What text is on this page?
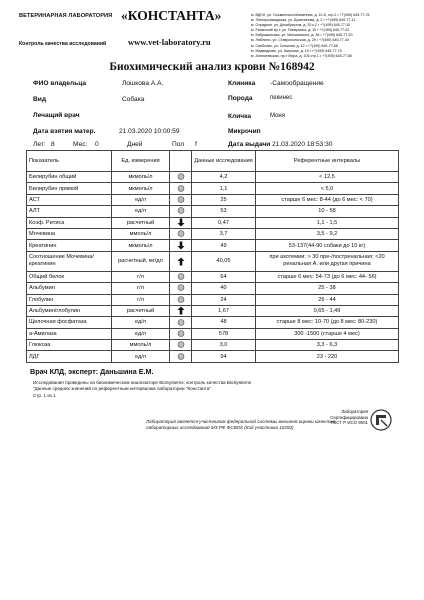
ВЕТЕРИНАРНАЯ ЛАБОРАТОРИЯ «КОНСТАНТА»
Контроль качества исследований	www.vet-laboratory.ru
м. ВДНХ, ул. Ольминского/Изменная, д. 10 А, стр.2 • +7(495) 645-77-76
м. Электрозаводская, ул. Буженинова, д. 2 • +7(495) 645-77-11
м. Отрадное, ул. Декабристов, д. 20 к.2 • +7(495) 645-77-30
м. Рязанский пр-т, ул. Паперника, д. 10 • +7(495) 645-77-02
м. Бабушкинская, ул. Менжинского, д. 36 • +7(495) 645-77-20
м. Люблино, ул. Ставропольская, д. 29 • +7(495) 645-77-40
м. Свиблово, ул. Снежная, д. 12 • +7(495) 645-77-66
м. Медведково, ул. Широкая, д. 15 • +7(495) 645-77-70
м. Алексеевская, пр-т Мира, д. 105 стр.1 • +7(495) 645-77-80
Биохимический анализ крови №168942
ФИО владельца	Лошкова А.А.	Клиника -Самообращение
Вид	Собака	Порода	пекинес
Лечащий врач	Кличка	Моня
Дата взятия матер.	21.03.2020 10:00:59	Микрочип
Лет: 8	Мес: 0	Дней	Пол f	Дата выдачи 21.03.2020 18:53:30
Показатель	Ед. измерения		Данные исследования	Референтные интервалы
Билирубин общий	мкмоль/л		4,2	< 12,5
Билирубин прямой	мкмоль/л		1,1	< 5,0
АСТ	ед/л		25	старше 6 мес: 8-44 (до 6 мес: < 70)
АЛТ	ед/л		53	10 - 58
Коэф. Ритиса	расчетный		0,47	1,1 - 1,5
Мочевина	ммоль/л		3,7	3,5 - 9,2
Креатинин	мкмоль/л		49	53-137(44-90 собаки до 10 кг)
Соотношение Мочевина/креатинин	расчетный, мг/дл		40,05	при азотемии: > 30 пре-/постренальная; <20 ренальная А. или другая причина
Общий белок	г/л		64	старше 6 мес: 54-73 (до 6 мес: 44- 56)
Альбумин	г/л		40	25 - 38
Глобулин	г/л		24	26 - 44
Альбумин/глобулин	расчетный		1,67	0,65 - 1,49
Щелочная фосфатаза	ед/л		48	старше 8 мес: 10-70 (до 8 мес: 80-230)
а-Амилаза	ед/л		578	300 -1500 (старше 4 мес)
Глюкоза	ммоль/л		3,0	3,3 - 6,3
ЛДГ	ед/л		94	23 - 220
Врач КЛД, эксперт: Даньшина Е.М.
Исследования проведены на биохимическом анализаторе BioSystems; контроль качества BioSystems
"Данные средних значений по референтным интервалам лаборатории "Константа"
Стр. 1 из 1
Лаборатория является участником федеральной системы внешней оценки качества лабораторных исследований МЗ РФ ФСВОК (Код участника 10292)
Лаборатория
Сертифицирована
ГОСТ Р ИСО 9001
